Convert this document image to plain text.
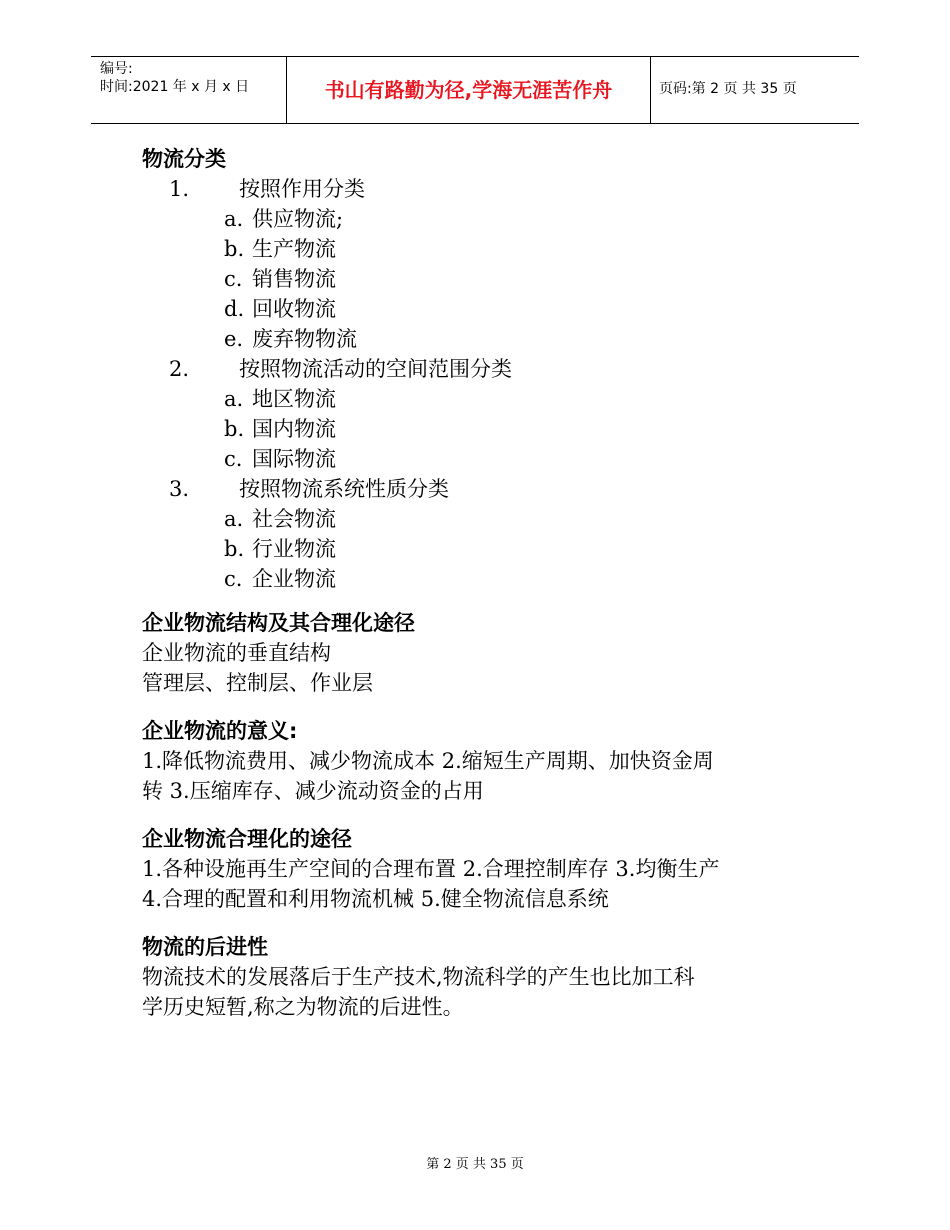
编号:
时间:2021 年 x 月 x 日	书山有路勤为径,学海无涯苦作舟	页码:第 2 页 共 35 页
物流分类
1. 按照作用分类
a. 供应物流;
b. 生产物流
c. 销售物流
d. 回收物流
e. 废弃物物流
2. 按照物流活动的空间范围分类
a. 地区物流
b. 国内物流
c. 国际物流
3. 按照物流系统性质分类
a. 社会物流
b. 行业物流
c. 企业物流
企业物流结构及其合理化途径
企业物流的垂直结构
管理层、控制层、作业层
企业物流的意义:
1.降低物流费用、减少物流成本 2.缩短生产周期、加快资金周
转 3.压缩库存、减少流动资金的占用
企业物流合理化的途径
1.各种设施再生产空间的合理布置 2.合理控制库存 3.均衡生产
4.合理的配置和利用物流机械 5.健全物流信息系统
物流的后进性
物流技术的发展落后于生产技术,物流科学的产生也比加工科
学历史短暂,称之为物流的后进性。
第 2 页 共 35 页
